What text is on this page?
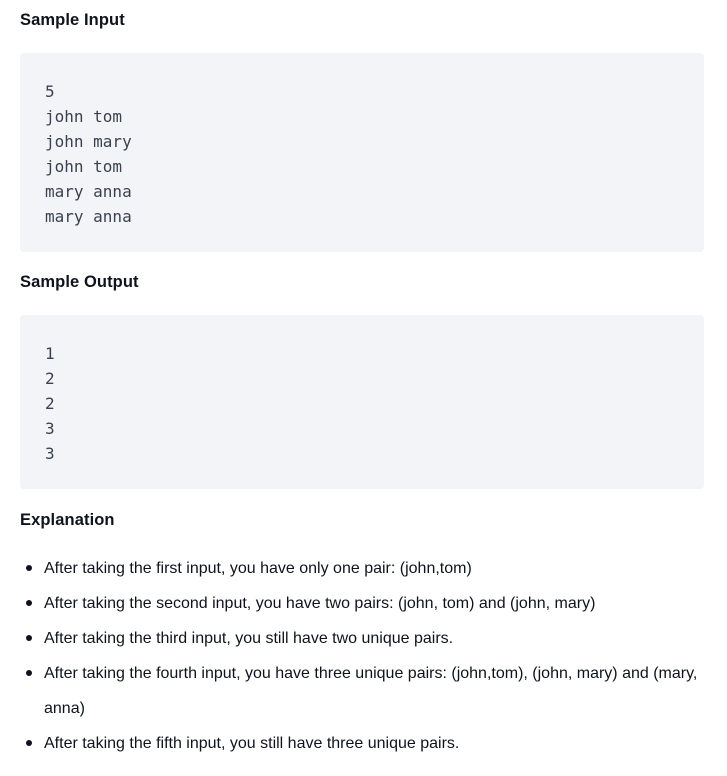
Sample Input
5
john tom
john mary
john tom
mary anna
mary anna
Sample Output
1
2
2
3
3
Explanation
After taking the first input, you have only one pair: (john,tom)
After taking the second input, you have two pairs: (john, tom) and (john, mary)
After taking the third input, you still have two unique pairs.
After taking the fourth input, you have three unique pairs: (john,tom), (john, mary) and (mary, anna)
After taking the fifth input, you still have three unique pairs.
